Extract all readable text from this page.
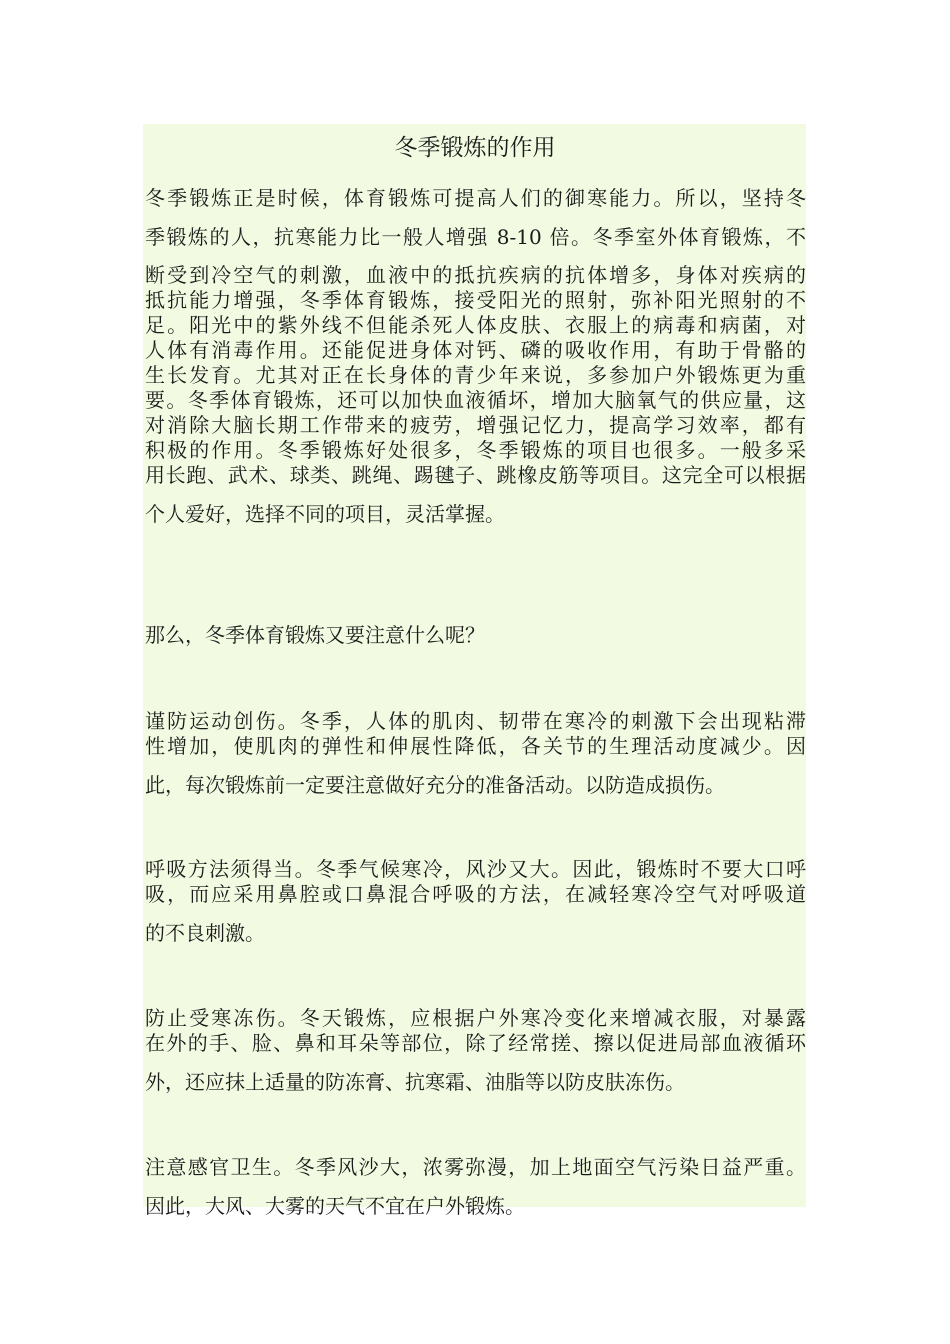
冬季锻炼的作用
冬季锻炼正是时候，体育锻炼可提高人们的御寒能力。所以，坚持冬
季锻炼的人，抗寒能力比一般人增强 8-10 倍。冬季室外体育锻炼，不
断受到冷空气的刺激，血液中的抵抗疾病的抗体增多，身体对疾病的
抵抗能力增强，冬季体育锻炼，接受阳光的照射，弥补阳光照射的不
足。阳光中的紫外线不但能杀死人体皮肤、衣服上的病毒和病菌，对
人体有消毒作用。还能促进身体对钙、磷的吸收作用，有助于骨骼的
生长发育。尤其对正在长身体的青少年来说，多参加户外锻炼更为重
要。冬季体育锻炼，还可以加快血液循坏，增加大脑氧气的供应量，这
对消除大脑长期工作带来的疲劳，增强记忆力，提高学习效率，都有
积极的作用。冬季锻炼好处很多，冬季锻炼的项目也很多。一般多采
用长跑、武术、球类、跳绳、踢毽子、跳橡皮筋等项目。这完全可以根据
个人爱好，选择不同的项目，灵活掌握。
那么，冬季体育锻炼又要注意什么呢？
谨防运动创伤。冬季，人体的肌肉、韧带在寒冷的刺激下会出现粘滞
性增加，使肌肉的弹性和伸展性降低，各关节的生理活动度减少。因
此，每次锻炼前一定要注意做好充分的准备活动。以防造成损伤。
呼吸方法须得当。冬季气候寒冷，风沙又大。因此，锻炼时不要大口呼
吸，而应采用鼻腔或口鼻混合呼吸的方法，在减轻寒冷空气对呼吸道
的不良刺激。
防止受寒冻伤。冬天锻炼，应根据户外寒冷变化来增减衣服，对暴露
在外的手、脸、鼻和耳朵等部位，除了经常搓、擦以促进局部血液循环
外，还应抹上适量的防冻膏、抗寒霜、油脂等以防皮肤冻伤。
注意感官卫生。冬季风沙大，浓雾弥漫，加上地面空气污染日益严重。
因此，大风、大雾的天气不宜在户外锻炼。
